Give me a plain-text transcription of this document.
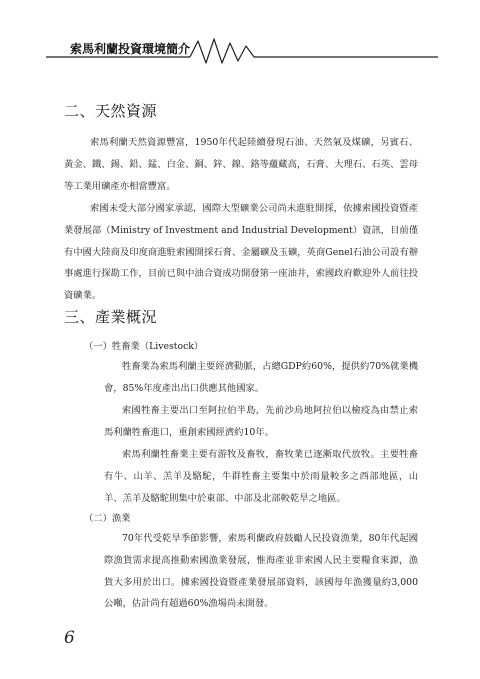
索馬利蘭投資環境簡介
二、天然資源
索馬利蘭天然資源豐富，1950年代起陸續發現石油、天然氣及煤礦，另賓石、黃金、鐵、錫、鉛、錳、白金、銅、鋅、鎳、鉻等蘊藏高，石膏、大理石、石英、雲母等工業用礦產亦相當豐富。
索國未受大部分國家承認，國際大型礦業公司尚未進駐開採，依據索國投資暨產業發展部（Ministry of Investment and Industrial Development）資訊，目前僅有中國大陸商及印度商進駐索國開採石膏、金屬礦及玉礦，英商Genel石油公司設有辦事處進行探勘工作，目前已與中油合資成功開發第一座油井，索國政府歡迎外人前往投資礦業。
三、產業概況
（一）牲畜業（Livestock）
牲畜業為索馬利蘭主要經濟動脈，占總GDP約60%，提供約70%就業機會，85%年度產出出口供應其他國家。
索國牲畜主要出口至阿拉伯半島，先前沙烏地阿拉伯以檢疫為由禁止索馬利蘭牲畜進口，重創索國經濟約10年。
索馬利蘭牲畜業主要有游牧及畜牧，畜牧業已逐漸取代放牧。主要牲畜有牛、山羊、羔羊及駱駝，牛群牲畜主要集中於雨量較多之西部地區，山羊、羔羊及駱駝則集中於東部、中部及北部較乾旱之地區。
（二）漁業
70年代受乾旱季節影響，索馬利蘭政府鼓勵人民投資漁業，80年代起國際漁貨需求提高推動索國漁業發展，惟海產並非索國人民主要糧食來源，漁貨大多用於出口。據索國投資暨產業發展部資料，該國每年漁獲量約3,000公噸，估計尚有超過60%漁場尚未開發。
6
